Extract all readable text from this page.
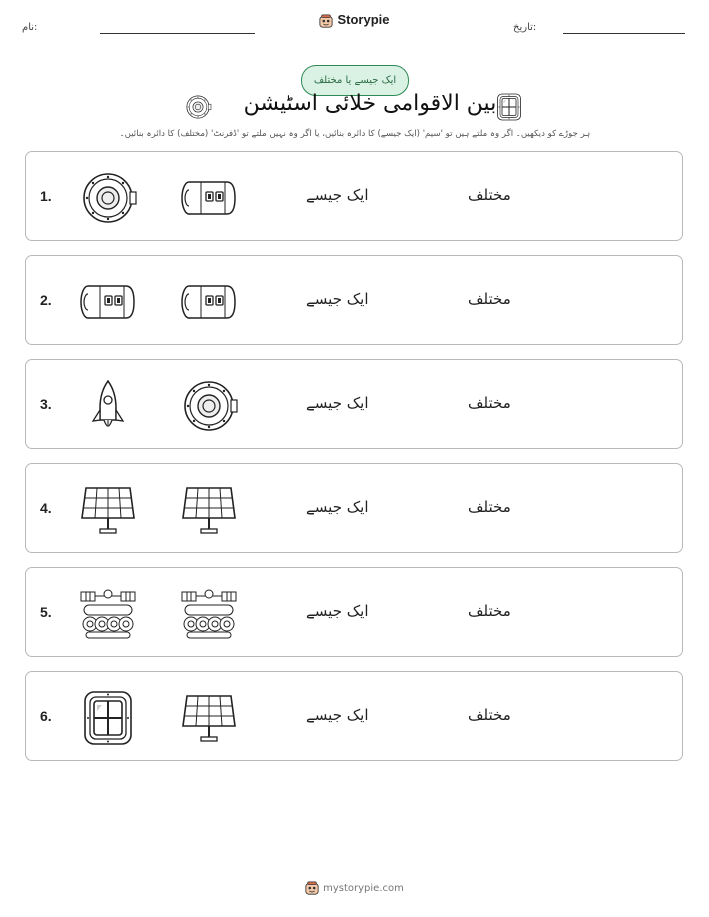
تاریخ:
نام:
Storypie
ایک جیسے یا مختلف
بین الاقوامی خلائی اسٹیشن
ہر جوڑے کو دیکھیں۔ اگر وہ ملتے ہیں تو 'سیم' (ایک جیسے) کا دائرہ بنائیں، یا اگر وہ نہیں ملتے تو 'ڈفرنٹ' (مختلف) کا دائرہ بنائیں۔
1.	ایک جیسے	مختلف
2.	ایک جیسے	مختلف
3.	ایک جیسے	مختلف
4.	ایک جیسے	مختلف
5.	ایک جیسے	مختلف
6.	ایک جیسے	مختلف
mystorypie.com
